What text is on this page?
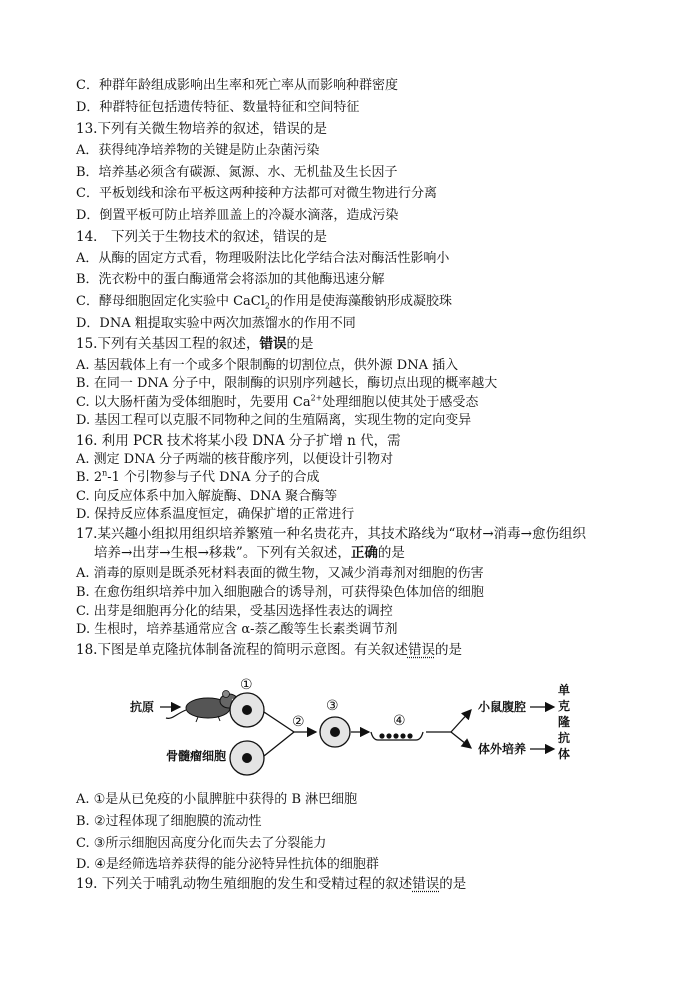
C．种群年龄组成影响出生率和死亡率从而影响种群密度
D．种群特征包括遗传特征、数量特征和空间特征
13.下列有关微生物培养的叙述，错误的是
A．获得纯净培养物的关键是防止杂菌污染
B．培养基必须含有碳源、氮源、水、无机盐及生长因子
C．平板划线和涂布平板这两种接种方法都可对微生物进行分离
D．倒置平板可防止培养皿盖上的冷凝水滴落，造成污染
14． 下列关于生物技术的叙述，错误的是
A．从酶的固定方式看，物理吸附法比化学结合法对酶活性影响小
B．洗衣粉中的蛋白酶通常会将添加的其他酶迅速分解
C．酵母细胞固定化实验中 CaCl$_2$的作用是使海藻酸钠形成凝胶珠
D．DNA 粗提取实验中两次加蒸馏水的作用不同
15.下列有关基因工程的叙述，错误的是
A. 基因载体上有一个或多个限制酶的切割位点，供外源 DNA 插入
B. 在同一 DNA 分子中，限制酶的识别序列越长，酶切点出现的概率越大
C. 以大肠杆菌为受体细胞时，先要用 $Ca^{2+}$处理细胞以使其处于感受态
D. 基因工程可以克服不同物种之间的生殖隔离，实现生物的定向变异
16. 利用 PCR 技术将某小段 DNA 分子扩增 n 代，需
A. 测定 DNA 分子两端的核苷酸序列，以便设计引物对
B. 2$^n$-1 个引物参与子代 DNA 分子的合成
C. 向反应体系中加入解旋酶、DNA 聚合酶等
D. 保持反应体系温度恒定，确保扩增的正常进行
17.某兴趣小组拟用组织培养繁殖一种名贵花卉，其技术路线为“取材→消毒→愈伤组织
培养→出芽→生根→移栽”。下列有关叙述，正确的是
A. 消毒的原则是既杀死材料表面的微生物，又减少消毒剂对细胞的伤害
B. 在愈伤组织培养中加入细胞融合的诱导剂，可获得染色体加倍的细胞
C. 出芽是细胞再分化的结果，受基因选择性表达的调控
D. 生根时，培养基通常应含 α-萘乙酸等生长素类调节剂
18.下图是单克隆抗体制备流程的简明示意图。有关叙述错误的是
抗原
①
骨髓瘤细胞
②
③
④
小鼠腹腔
体外培养
单
克
隆
抗
体
A. ①是从已免疫的小鼠脾脏中获得的 B 淋巴细胞
B. ②过程体现了细胞膜的流动性
C. ③所示细胞因高度分化而失去了分裂能力
D. ④是经筛选培养获得的能分泌特异性抗体的细胞群
19. 下列关于哺乳动物生殖细胞的发生和受精过程的叙述错误的是
